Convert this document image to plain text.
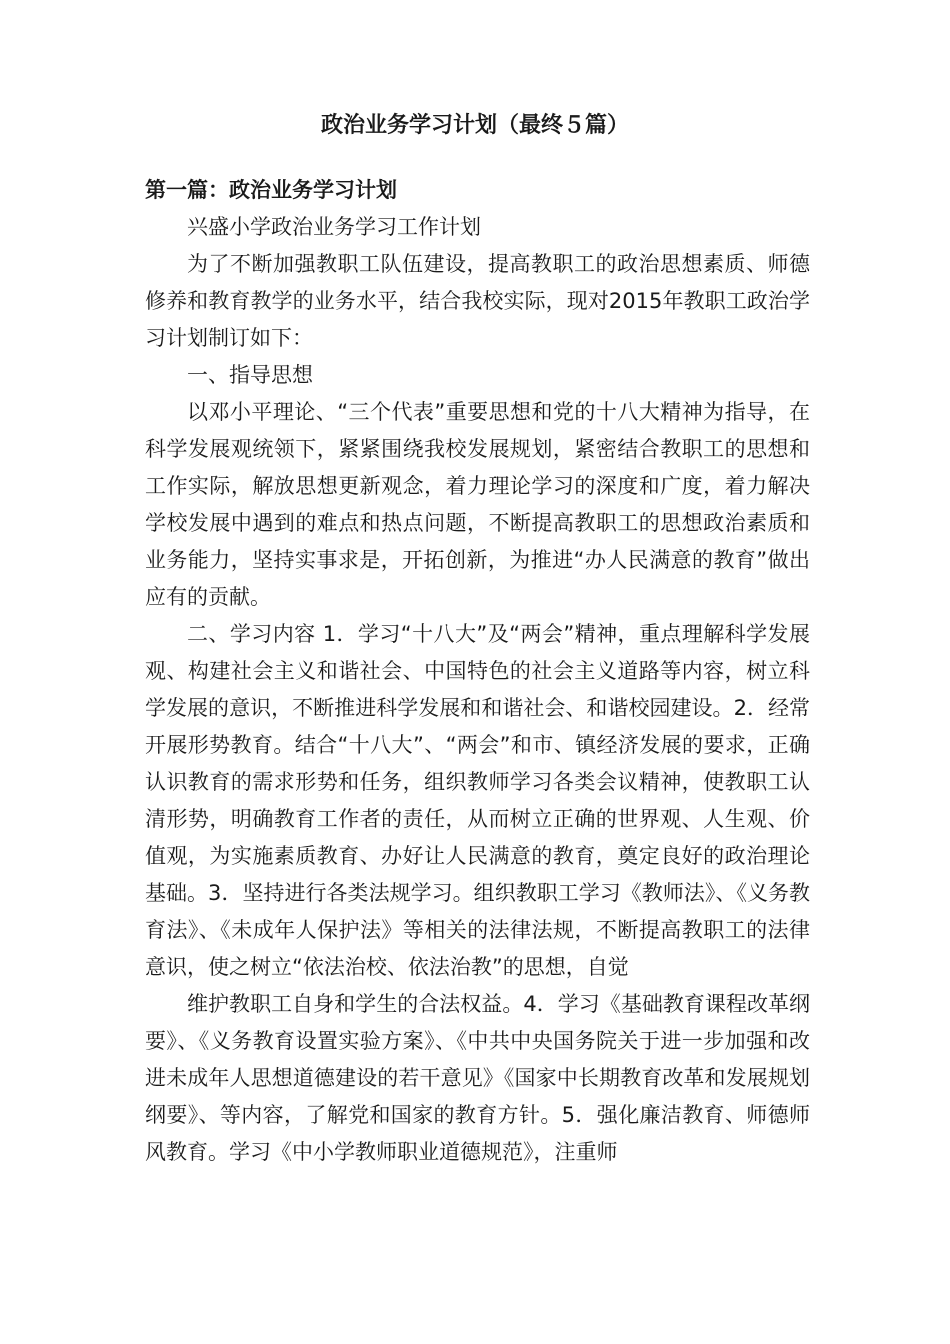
政治业务学习计划（最终５篇）
第一篇：政治业务学习计划

兴盛小学政治业务学习工作计划

为了不断加强教职工队伍建设，提高教职工的政治思想素质、师德修养和教育教学的业务水平，结合我校实际，现对2015年教职工政治学习计划制订如下：

一、指导思想

以邓小平理论、“三个代表”重要思想和党的十八大精神为指导，在科学发展观统领下，紧紧围绕我校发展规划，紧密结合教职工的思想和工作实际，解放思想更新观念，着力理论学习的深度和广度，着力解决学校发展中遇到的难点和热点问题，不断提高教职工的思想政治素质和业务能力，坚持实事求是，开拓创新，为推进“办人民满意的教育”做出应有的贡献。

二、学习内容 1．学习“十八大”及“两会”精神，重点理解科学发展观、构建社会主义和谐社会、中国特色的社会主义道路等内容，树立科学发展的意识，不断推进科学发展和和谐社会、和谐校园建设。2．经常开展形势教育。结合“十八大”、“两会”和市、镇经济发展的要求，正确认识教育的需求形势和任务，组织教师学习各类会议精神，使教职工认清形势，明确教育工作者的责任，从而树立正确的世界观、人生观、价值观，为实施素质教育、办好让人民满意的教育，奠定良好的政治理论基础。3．坚持进行各类法规学习。组织教职工学习《教师法》、《义务教育法》、《未成年人保护法》等相关的法律法规，不断提高教职工的法律意识，使之树立“依法治校、依法治教”的思想，自觉

维护教职工自身和学生的合法权益。4．学习《基础教育课程改革纲要》、《义务教育设置实验方案》、《中共中央国务院关于进一步加强和改进未成年人思想道德建设的若干意见》《国家中长期教育改革和发展规划纲要》、等内容，了解党和国家的教育方针。5．强化廉洁教育、师德师风教育。学习《中小学教师职业道德规范》，注重师
